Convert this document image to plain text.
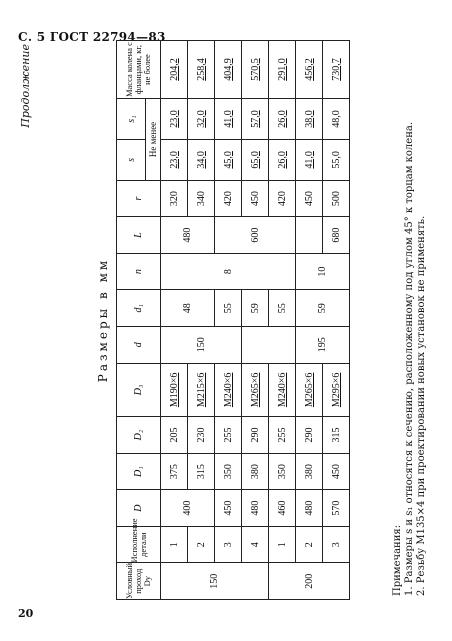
С. 5 ГОСТ 22794—83
20
Продолжение
Размеры в мм
Условный проход Dу	Исполнение детали	D	D₁	D₂	D₃	d	d₁	n	L	r	s	s₁	Масса колена с фланцами, кг, не более
											Не менее		
150	1	400	375	205	M190×6	150	48	8	480	320	23,0	23,0	204,2
	2		315	230	M215×6					340	34,0	32,0	258,4
	3	450	350	255	M240×6		55		600	420	45,0	41,0	404,9
	4	480	380	290	M265×6		59			450	65,0	57,0	570,5
200	1	460	350	255	M240×6		55			420	26,0	26,0	291,0
	2	480	380	290	M265×6	195	59	10		450	41,0	38,0	456,2
	3	570	450	315	M295×6				680	500	55,0	48,0	730,7
Примечания: 1. Размеры s и s₁ относятся к сечению, расположенному под углом 45° к торцам колена. 2. Резьбу M135×4 при проектировании новых установок не применять.
